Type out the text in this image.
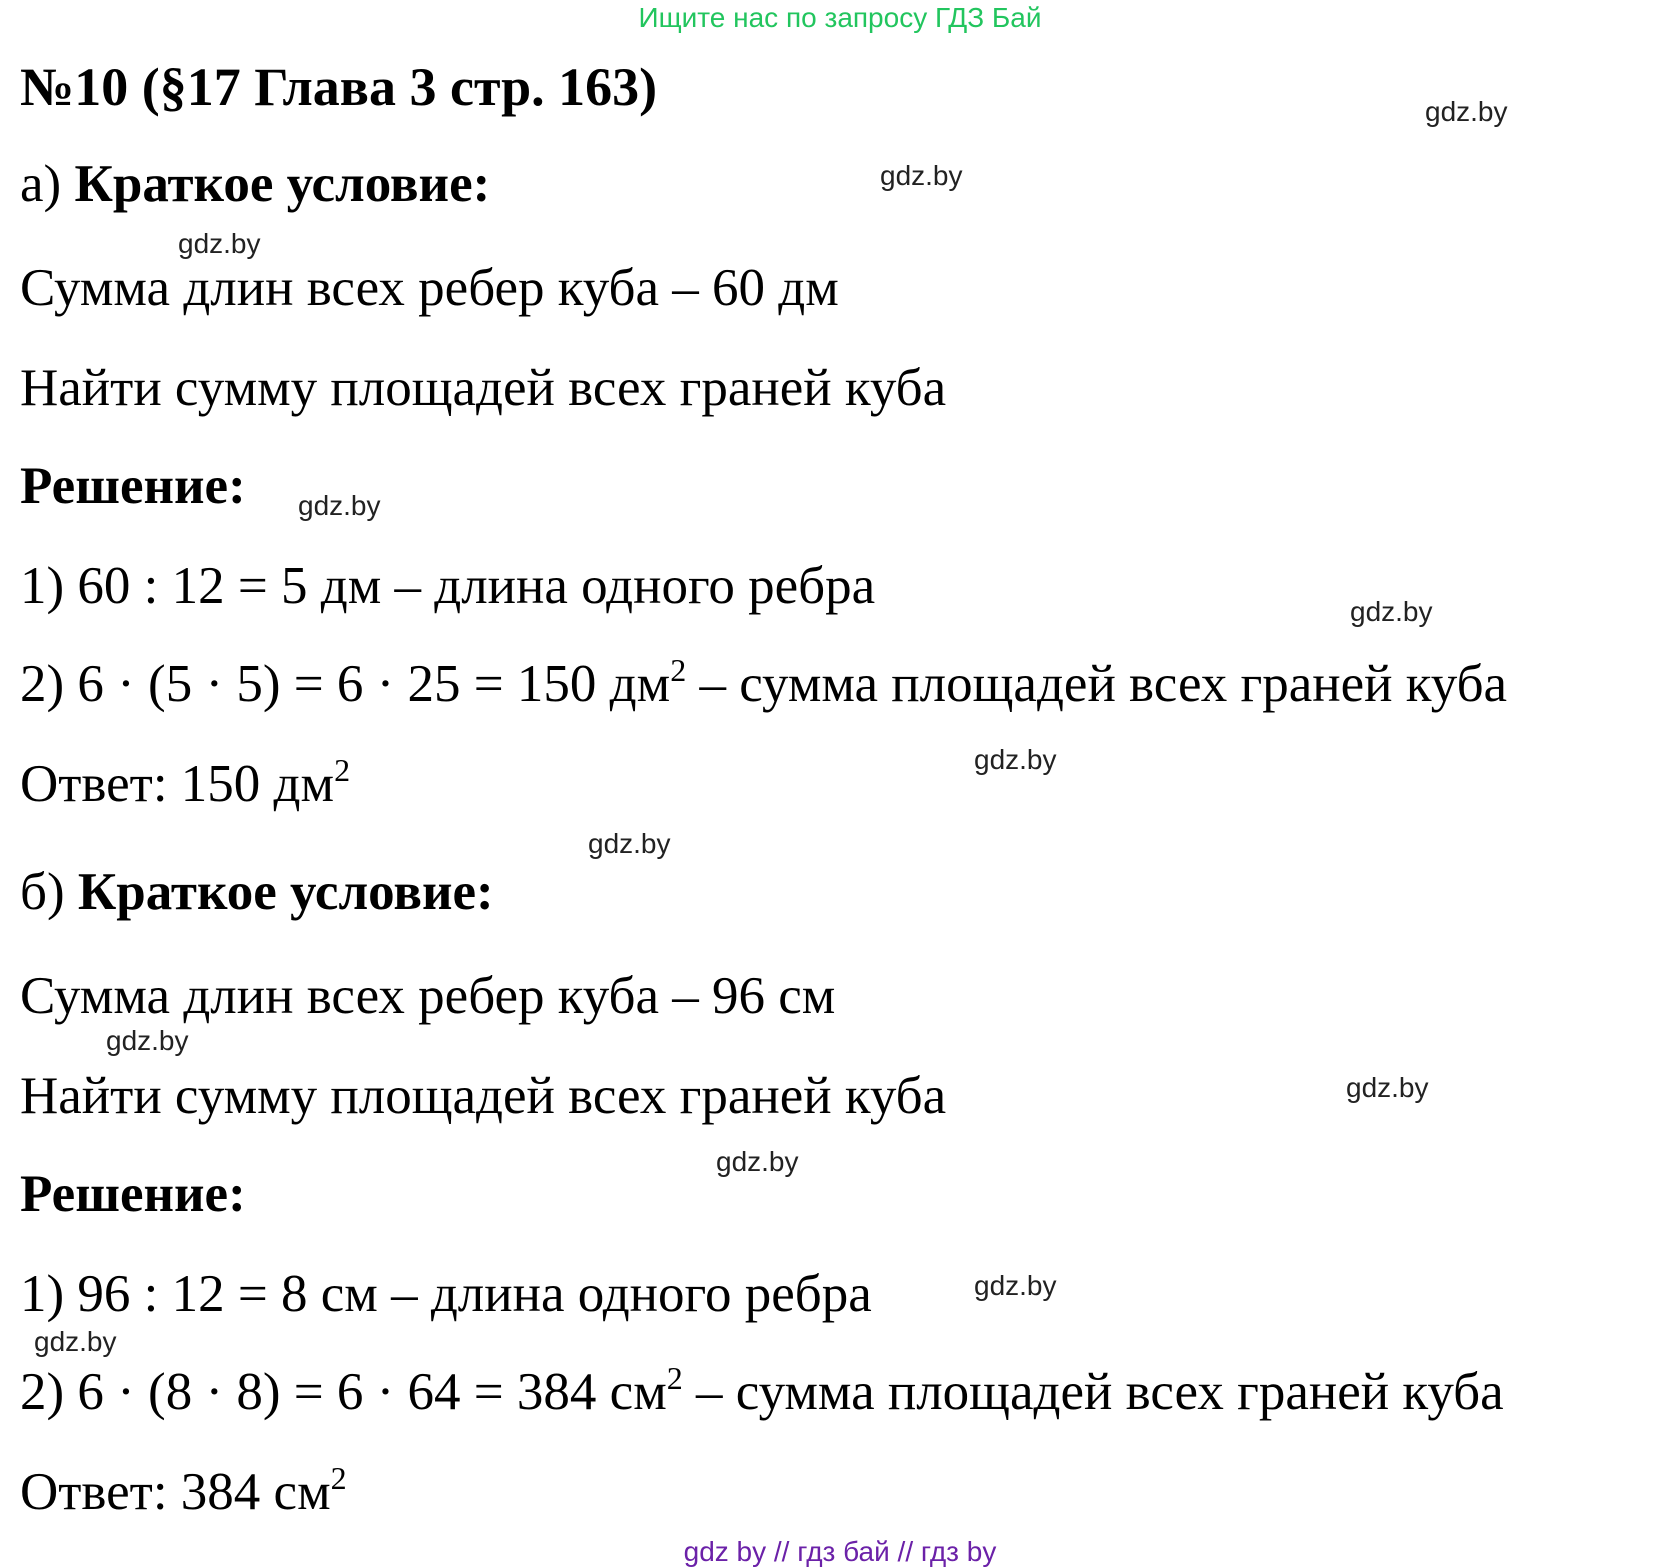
Ищите нас по запросу ГДЗ Бай
№10 (§17 Глава 3 стр. 163)
а) Краткое условие:
Сумма длин всех ребер куба – 60 дм
Найти сумму площадей всех граней куба
Решение:
1) 60 : 12 = 5 дм – длина одного ребра
2) 6 · (5 · 5) = 6 · 25 = 150 $дм^2$ – сумма площадей всех граней куба
Ответ: 150 $дм^2$
б) Краткое условие:
Сумма длин всех ребер куба – 96 см
Найти сумму площадей всех граней куба
Решение:
1) 96 : 12 = 8 см – длина одного ребра
2) 6 · (8 · 8) = 6 · 64 = 384 $см^2$ – сумма площадей всех граней куба
Ответ: 384 $см^2$
gdz.by
gdz.by
gdz.by
gdz.by
gdz.by
gdz.by
gdz.by
gdz.by
gdz.by
gdz.by
gdz.by
gdz.by
gdz by // гдз бай // гдз by
